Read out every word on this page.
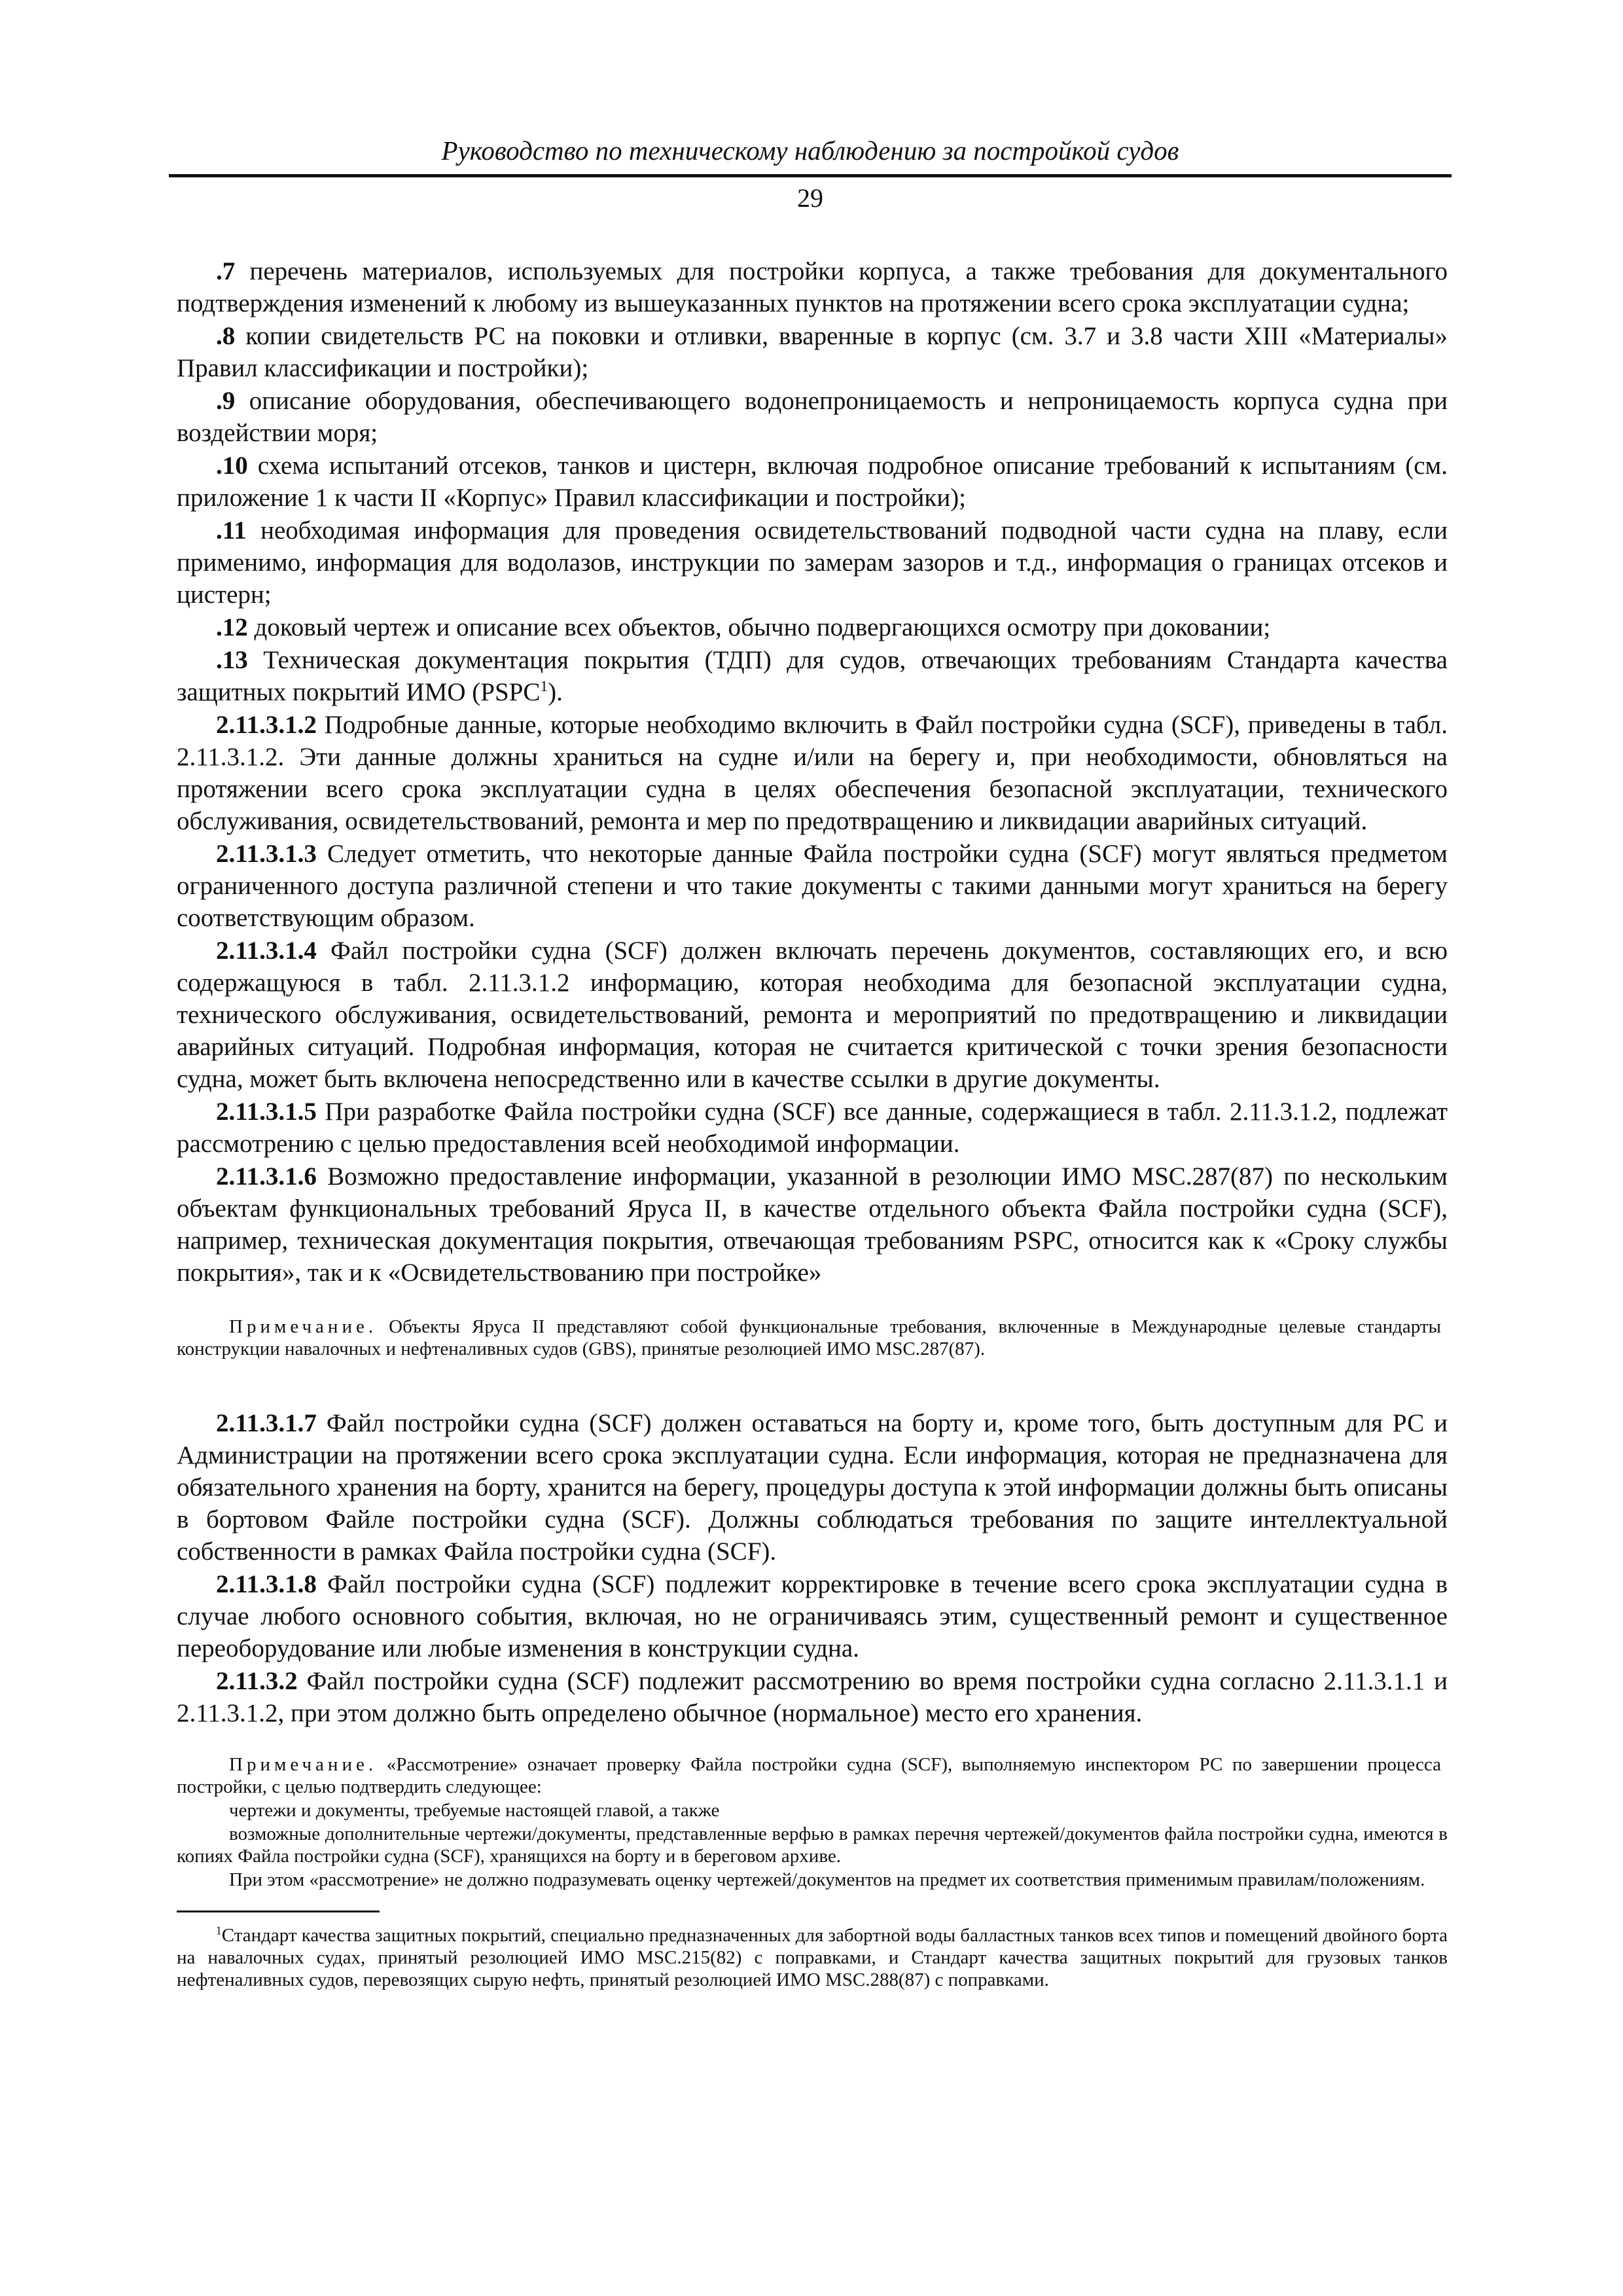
Руководство по техническому наблюдению за постройкой судов
29

.7 перечень материалов, используемых для постройки корпуса, а также требования для документального подтверждения изменений к любому из вышеуказанных пунктов на протяжении всего срока эксплуатации судна;

.8 копии свидетельств РС на поковки и отливки, вваренные в корпус (см. 3.7 и 3.8 части XIII «Материалы» Правил классификации и постройки);

.9 описание оборудования, обеспечивающего водонепроницаемость и непроницаемость корпуса судна при воздействии моря;

.10 схема испытаний отсеков, танков и цистерн, включая подробное описание требований к испытаниям (см. приложение 1 к части II «Корпус» Правил классификации и постройки);

.11 необходимая информация для проведения освидетельствований подводной части судна на плаву, если применимо, информация для водолазов, инструкции по замерам зазоров и т.д., информация о границах отсеков и цистерн;

.12 доковый чертеж и описание всех объектов, обычно подвергающихся осмотру при доковании;

.13 Техническая документация покрытия (ТДП) для судов, отвечающих требованиям Стандарта качества защитных покрытий ИМО (PSPC$^1$).

2.11.3.1.2 Подробные данные, которые необходимо включить в Файл постройки судна (SCF), приведены в табл. 2.11.3.1.2. Эти данные должны храниться на судне и/или на берегу и, при необходимости, обновляться на протяжении всего срока эксплуатации судна в целях обеспечения безопасной эксплуатации, технического обслуживания, освидетельствований, ремонта и мер по предотвращению и ликвидации аварийных ситуаций.

2.11.3.1.3 Следует отметить, что некоторые данные Файла постройки судна (SCF) могут являться предметом ограниченного доступа различной степени и что такие документы с такими данными могут храниться на берегу соответствующим образом.

2.11.3.1.4 Файл постройки судна (SCF) должен включать перечень документов, составляющих его, и всю содержащуюся в табл. 2.11.3.1.2 информацию, которая необходима для безопасной эксплуатации судна, технического обслуживания, освидетельствований, ремонта и мероприятий по предотвращению и ликвидации аварийных ситуаций. Подробная информация, которая не считается критической с точки зрения безопасности судна, может быть включена непосредственно или в качестве ссылки в другие документы.

2.11.3.1.5 При разработке Файла постройки судна (SCF) все данные, содержащиеся в табл. 2.11.3.1.2, подлежат рассмотрению с целью предоставления всей необходимой информации.

2.11.3.1.6 Возможно предоставление информации, указанной в резолюции ИМО MSC.287(87) по нескольким объектам функциональных требований Яруса II, в качестве отдельного объекта Файла постройки судна (SCF), например, техническая документация покрытия, отвечающая требованиям PSPC, относится как к «Сроку службы покрытия», так и к «Освидетельствованию при постройке»

Примечание. Объекты Яруса II представляют собой функциональные требования, включенные в Международные целевые стандарты конструкции навалочных и нефтеналивных судов (GBS), принятые резолюцией ИМО MSC.287(87).

2.11.3.1.7 Файл постройки судна (SCF) должен оставаться на борту и, кроме того, быть доступным для РС и Администрации на протяжении всего срока эксплуатации судна. Если информация, которая не предназначена для обязательного хранения на борту, хранится на берегу, процедуры доступа к этой информации должны быть описаны в бортовом Файле постройки судна (SCF). Должны соблюдаться требования по защите интеллектуальной собственности в рамках Файла постройки судна (SCF).

2.11.3.1.8 Файл постройки судна (SCF) подлежит корректировке в течение всего срока эксплуатации судна в случае любого основного события, включая, но не ограничиваясь этим, существенный ремонт и существенное переоборудование или любые изменения в конструкции судна.

2.11.3.2 Файл постройки судна (SCF) подлежит рассмотрению во время постройки судна согласно 2.11.3.1.1 и 2.11.3.1.2, при этом должно быть определено обычное (нормальное) место его хранения.

Примечание. «Рассмотрение» означает проверку Файла постройки судна (SCF), выполняемую инспектором РС по завершении процесса постройки, с целью подтвердить следующее:

чертежи и документы, требуемые настоящей главой, а также

возможные дополнительные чертежи/документы, представленные верфью в рамках перечня чертежей/документов файла постройки судна, имеются в копиях Файла постройки судна (SCF), хранящихся на борту и в береговом архиве.

При этом «рассмотрение» не должно подразумевать оценку чертежей/документов на предмет их соответствия применимым правилам/положениям.

$^1$Стандарт качества защитных покрытий, специально предназначенных для забортной воды балластных танков всех типов и помещений двойного борта на навалочных судах, принятый резолюцией ИМО MSC.215(82) с поправками, и Стандарт качества защитных покрытий для грузовых танков нефтеналивных судов, перевозящих сырую нефть, принятый резолюцией ИМО MSC.288(87) с поправками.
